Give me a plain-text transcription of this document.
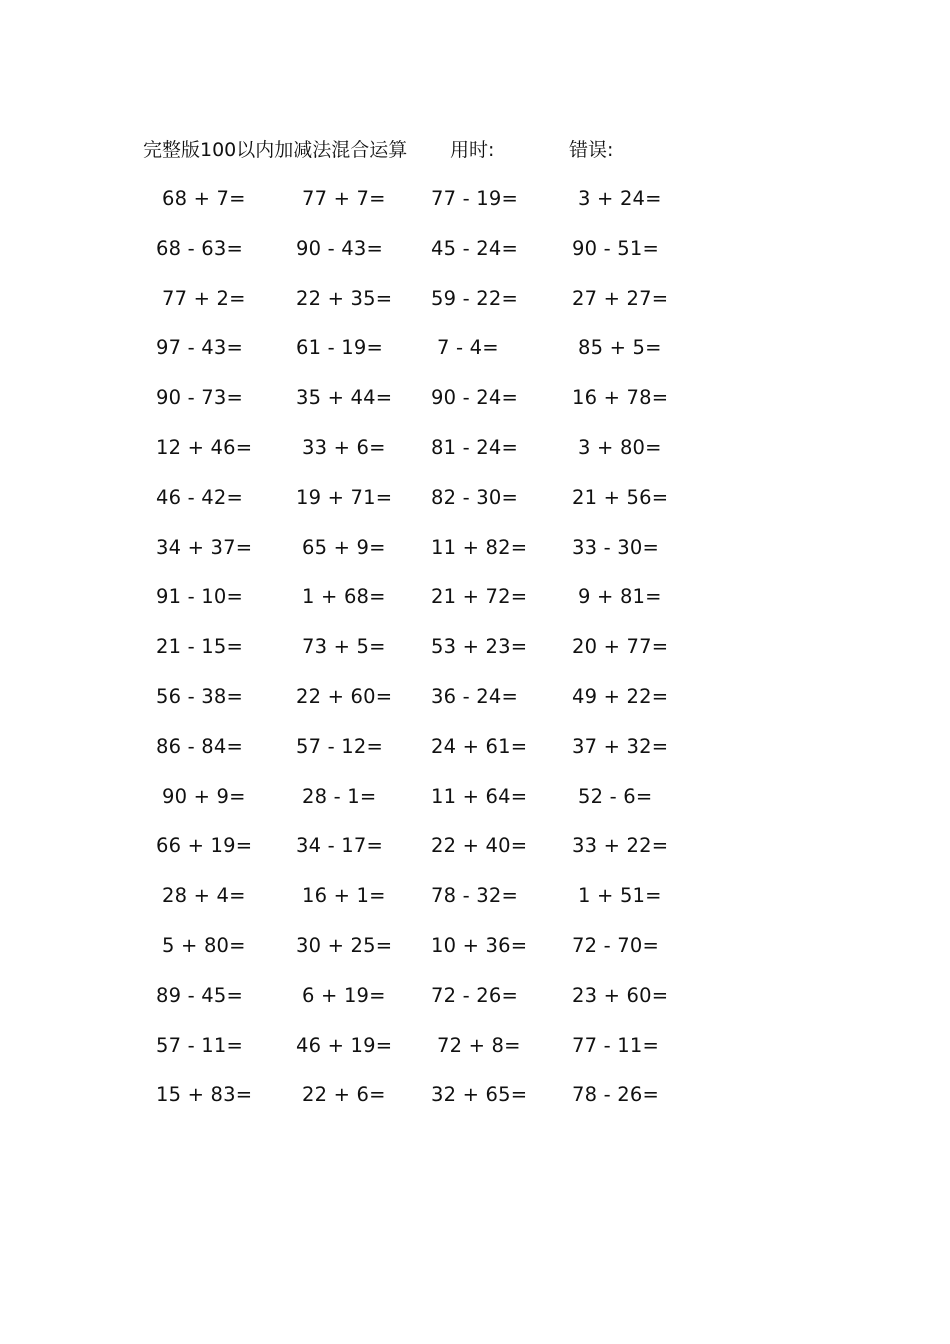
完整版100以内加减法混合运算 用时:	错误:
68 + 7=	77 + 7= 77 - 19=	3 + 24=
68 - 63=	90 - 43= 45 - 24=	90 - 51=
77 + 2=	22 + 35= 59 - 22=	27 + 27=
97 - 43=	61 - 19=	7 - 4=	85 + 5=
90 - 73=	35 + 44= 90 - 24=	16 + 78=
12 + 46=	33 + 6= 81 - 24=	3 + 80=
46 - 42=	19 + 71= 82 - 30=	21 + 56=
34 + 37=	65 + 9= 11 + 82= 33 - 30=
91 - 10=	1 + 68= 21 + 72=	9 + 81=
21 - 15=	73 + 5= 53 + 23= 20 + 77=
56 - 38=	22 + 60= 36 - 24=	49 + 22=
86 - 84=	57 - 12= 24 + 61= 37 + 32=
90 + 9=	28 - 1=	11 + 64=	52 - 6=
66 + 19= 34 - 17= 22 + 40= 33 + 22=
28 + 4=	16 + 1= 78 - 32=	1 + 51=
5 + 80=	30 + 25= 10 + 36= 72 - 70=
89 - 45=	6 + 19= 72 - 26=	23 + 60=
57 - 11=	46 + 19= 72 + 8=	77 - 11=
15 + 83=	22 + 6= 32 + 65= 78 - 26=
